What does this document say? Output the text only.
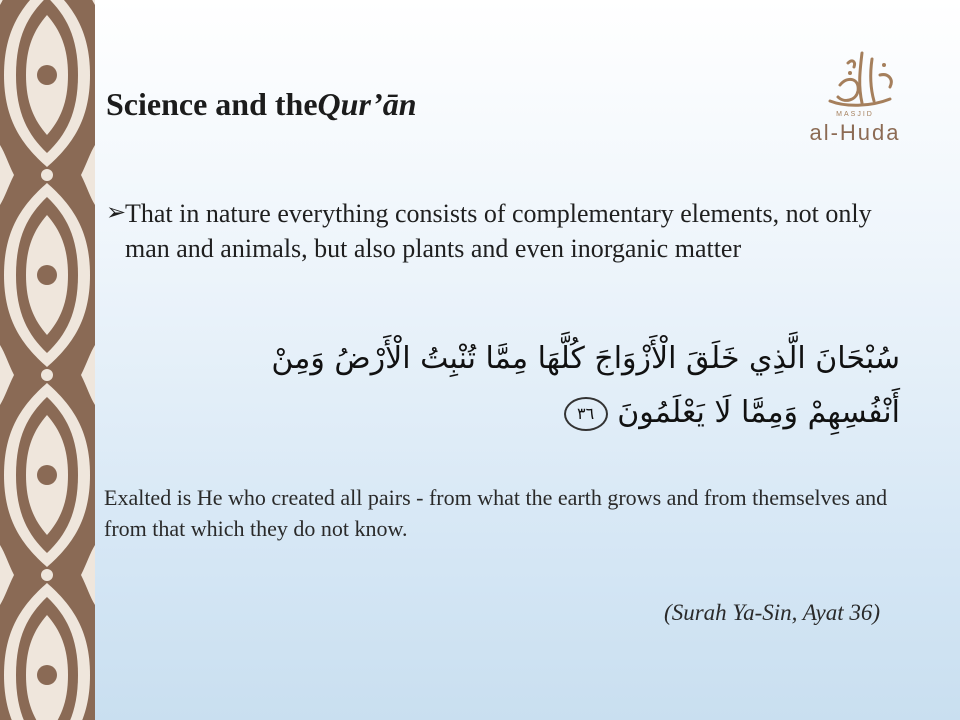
MASJID
al-Huda
Science and theQur’ān
➢
That in nature everything consists of complementary elements, not only man and animals, but also plants and even inorganic matter
سُبْحَانَ الَّذِي خَلَقَ الْأَزْوَاجَ كُلَّهَا مِمَّا تُنْبِتُ الْأَرْضُ وَمِنْ
أَنْفُسِهِمْ وَمِمَّا لَا يَعْلَمُونَ ٣٦

Exalted is He who created all pairs - from what the earth grows and from themselves and from that which they do not know.

(Surah Ya-Sin, Ayat 36)
